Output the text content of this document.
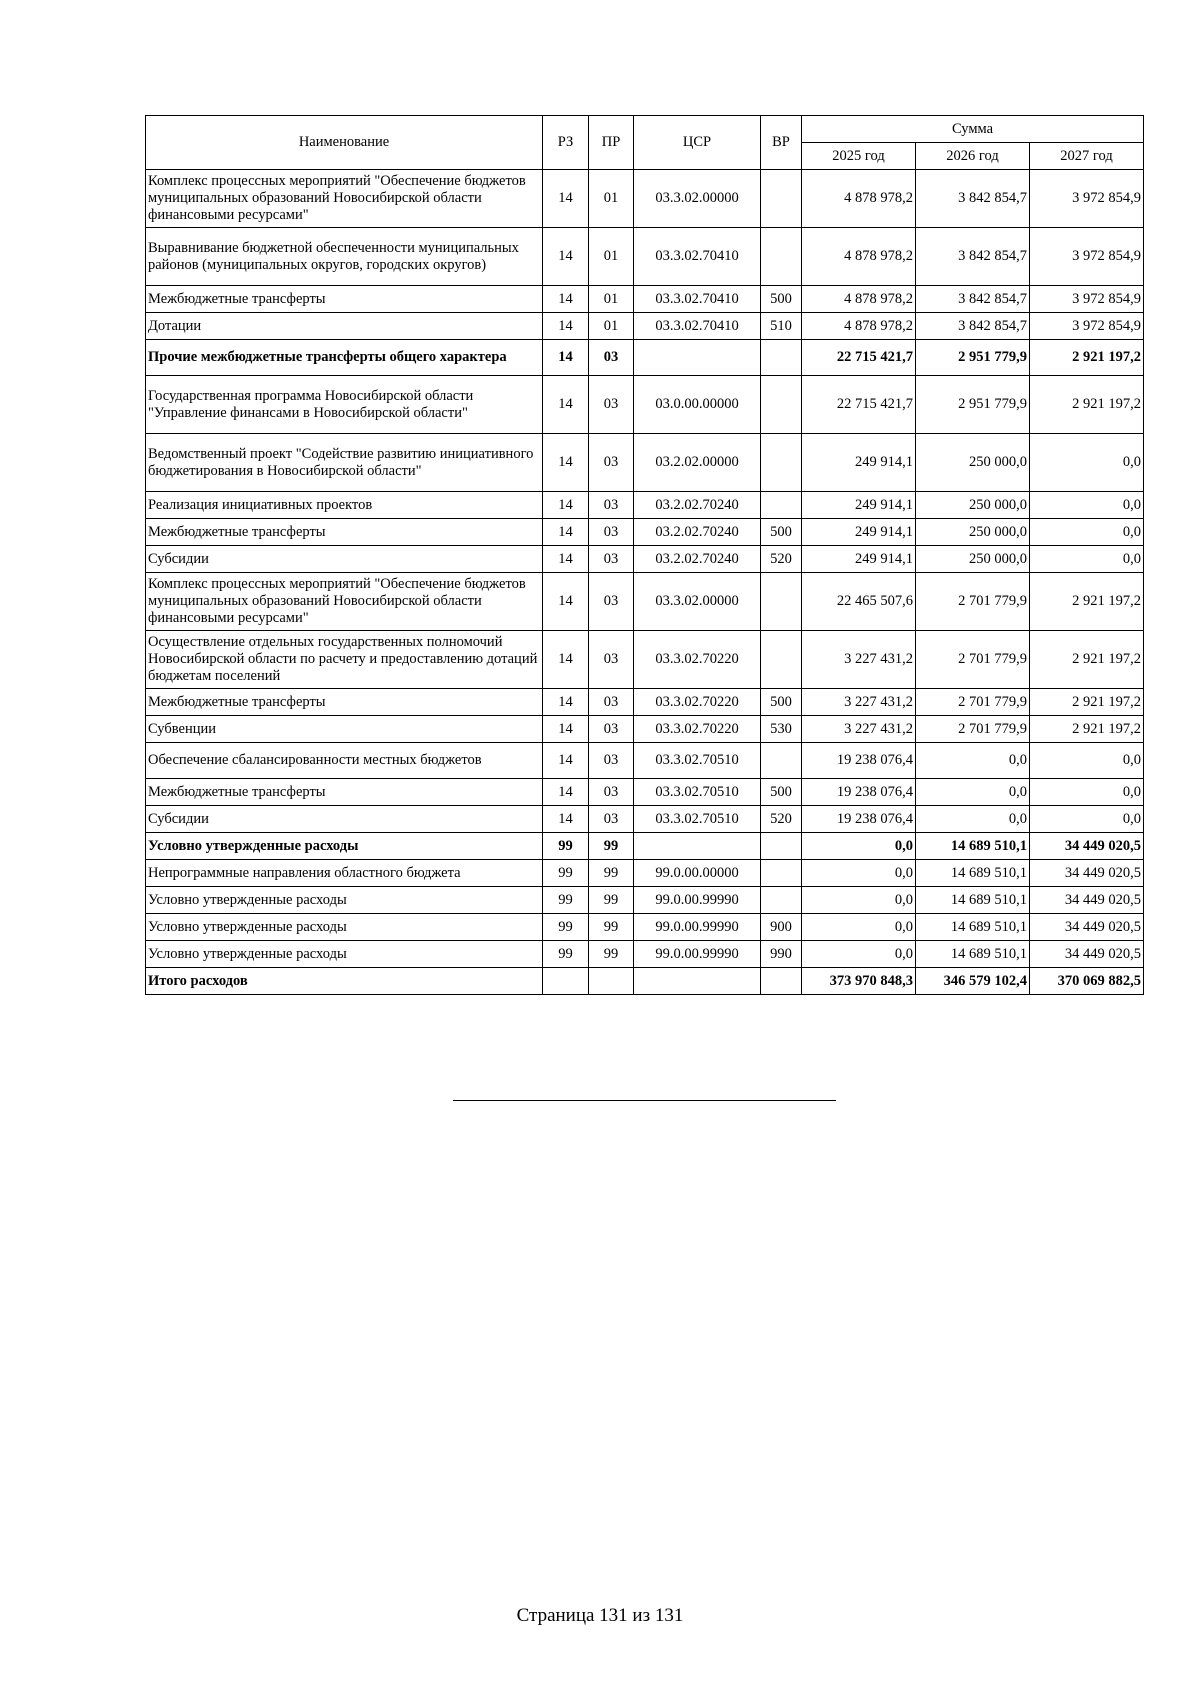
Наименование	РЗ	ПР	ЦСР	ВР	Сумма		
					2025 год	2026 год	2027 год
Комплекс процессных мероприятий "Обеспечение бюджетов муниципальных образований Новосибирской области финансовыми ресурсами"	14	01	03.3.02.00000		4 878 978,2	3 842 854,7	3 972 854,9
Выравнивание бюджетной обеспеченности муниципальных районов (муниципальных округов, городских округов)	14	01	03.3.02.70410		4 878 978,2	3 842 854,7	3 972 854,9
Межбюджетные трансферты	14	01	03.3.02.70410	500	4 878 978,2	3 842 854,7	3 972 854,9
Дотации	14	01	03.3.02.70410	510	4 878 978,2	3 842 854,7	3 972 854,9
Прочие межбюджетные трансферты общего характера	14	03			22 715 421,7	2 951 779,9	2 921 197,2
Государственная программа Новосибирской области "Управление финансами в Новосибирской области"	14	03	03.0.00.00000		22 715 421,7	2 951 779,9	2 921 197,2
Ведомственный проект "Содействие развитию инициативного бюджетирования в Новосибирской области"	14	03	03.2.02.00000		249 914,1	250 000,0	0,0
Реализация инициативных проектов	14	03	03.2.02.70240		249 914,1	250 000,0	0,0
Межбюджетные трансферты	14	03	03.2.02.70240	500	249 914,1	250 000,0	0,0
Субсидии	14	03	03.2.02.70240	520	249 914,1	250 000,0	0,0
Комплекс процессных мероприятий "Обеспечение бюджетов муниципальных образований Новосибирской области финансовыми ресурсами"	14	03	03.3.02.00000		22 465 507,6	2 701 779,9	2 921 197,2
Осуществление отдельных государственных полномочий Новосибирской области по расчету и предоставлению дотаций бюджетам поселений	14	03	03.3.02.70220		3 227 431,2	2 701 779,9	2 921 197,2
Межбюджетные трансферты	14	03	03.3.02.70220	500	3 227 431,2	2 701 779,9	2 921 197,2
Субвенции	14	03	03.3.02.70220	530	3 227 431,2	2 701 779,9	2 921 197,2
Обеспечение сбалансированности местных бюджетов	14	03	03.3.02.70510		19 238 076,4	0,0	0,0
Межбюджетные трансферты	14	03	03.3.02.70510	500	19 238 076,4	0,0	0,0
Субсидии	14	03	03.3.02.70510	520	19 238 076,4	0,0	0,0
Условно утвержденные расходы	99	99			0,0	14 689 510,1	34 449 020,5
Непрограммные направления областного бюджета	99	99	99.0.00.00000		0,0	14 689 510,1	34 449 020,5
Условно утвержденные расходы	99	99	99.0.00.99990		0,0	14 689 510,1	34 449 020,5
Условно утвержденные расходы	99	99	99.0.00.99990	900	0,0	14 689 510,1	34 449 020,5
Условно утвержденные расходы	99	99	99.0.00.99990	990	0,0	14 689 510,1	34 449 020,5
Итого расходов					373 970 848,3	346 579 102,4	370 069 882,5
Страница 131 из 131
